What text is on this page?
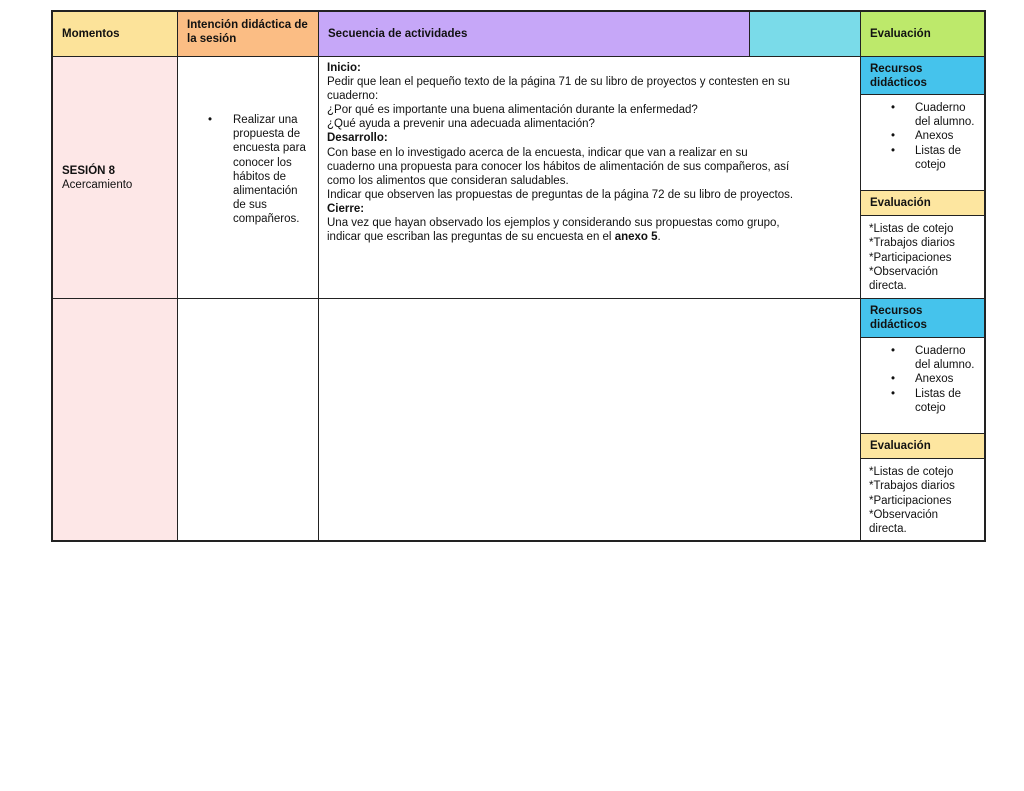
Momentos
Intención didáctica de la sesión	Secuencia de actividades	Evaluación
SESIÓN 8
Acercamiento
• Realizar una propuesta de encuesta para conocer los hábitos de alimentación de sus compañeros.
Inicio:
Pedir que lean el pequeño texto de la página 71 de su libro de proyectos y contesten en su
cuaderno:
¿Por qué es importante una buena alimentación durante la enfermedad?
¿Qué ayuda a prevenir una adecuada alimentación?
Desarrollo:
Con base en lo investigado acerca de la encuesta, indicar que van a realizar en su
cuaderno una propuesta para conocer los hábitos de alimentación de sus compañeros, así
como los alimentos que consideran saludables.
Indicar que observen las propuestas de preguntas de la página 72 de su libro de proyectos.
Cierre:
Una vez que hayan observado los ejemplos y considerando sus propuestas como grupo,
indicar que escriban las preguntas de su encuesta en el anexo 5.
Recursos didácticos
• Cuaderno del alumno.
• Anexos
• Listas de cotejo
Evaluación
*Listas de cotejo
*Trabajos diarios
*Participaciones
*Observación directa.
Recursos didácticos
• Cuaderno del alumno.
• Anexos
• Listas de cotejo
Evaluación
*Listas de cotejo
*Trabajos diarios
*Participaciones
*Observación directa.
